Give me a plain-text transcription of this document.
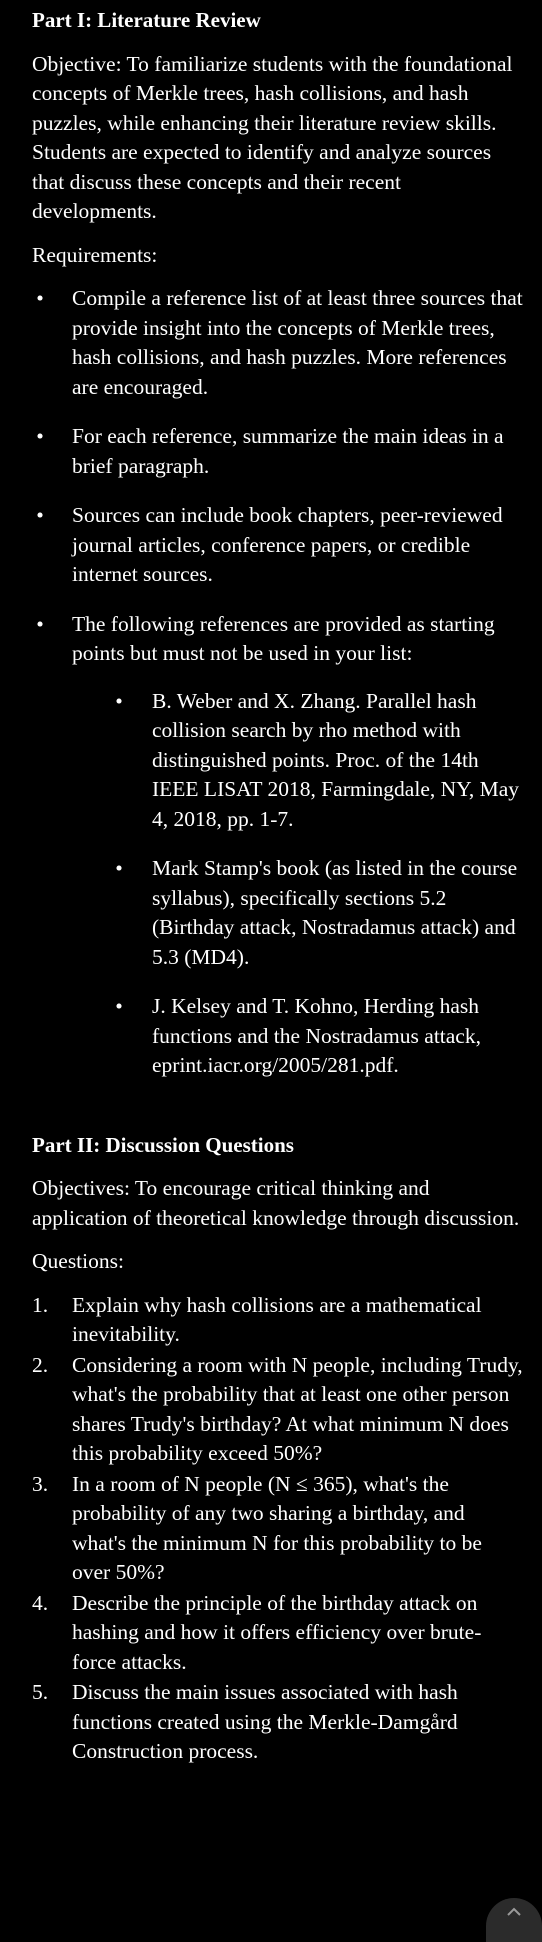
Part I: Literature Review
Objective: To familiarize students with the foundational concepts of Merkle trees, hash collisions, and hash puzzles, while enhancing their literature review skills. Students are expected to identify and analyze sources that discuss these concepts and their recent developments.
Requirements:
• Compile a reference list of at least three sources that provide insight into the concepts of Merkle trees, hash collisions, and hash puzzles. More references are encouraged.
• For each reference, summarize the main ideas in a brief paragraph.
• Sources can include book chapters, peer-reviewed journal articles, conference papers, or credible internet sources.
• The following references are provided as starting points but must not be used in your list:
• B. Weber and X. Zhang. Parallel hash collision search by rho method with distinguished points. Proc. of the 14th IEEE LISAT 2018, Farmingdale, NY, May 4, 2018, pp. 1-7.
• Mark Stamp's book (as listed in the course syllabus), specifically sections 5.2 (Birthday attack, Nostradamus attack) and 5.3 (MD4).
• J. Kelsey and T. Kohno, Herding hash functions and the Nostradamus attack, eprint.iacr.org/2005/281.pdf.
Part II: Discussion Questions
Objectives: To encourage critical thinking and application of theoretical knowledge through discussion.
Questions:
1. Explain why hash collisions are a mathematical inevitability.
2. Considering a room with N people, including Trudy, what's the probability that at least one other person shares Trudy's birthday? At what minimum N does this probability exceed 50%?
3. In a room of N people (N ≤ 365), what's the probability of any two sharing a birthday, and what's the minimum N for this probability to be over 50%?
4. Describe the principle of the birthday attack on hashing and how it offers efficiency over brute-force attacks.
5. Discuss the main issues associated with hash functions created using the Merkle-Damgård Construction process.
